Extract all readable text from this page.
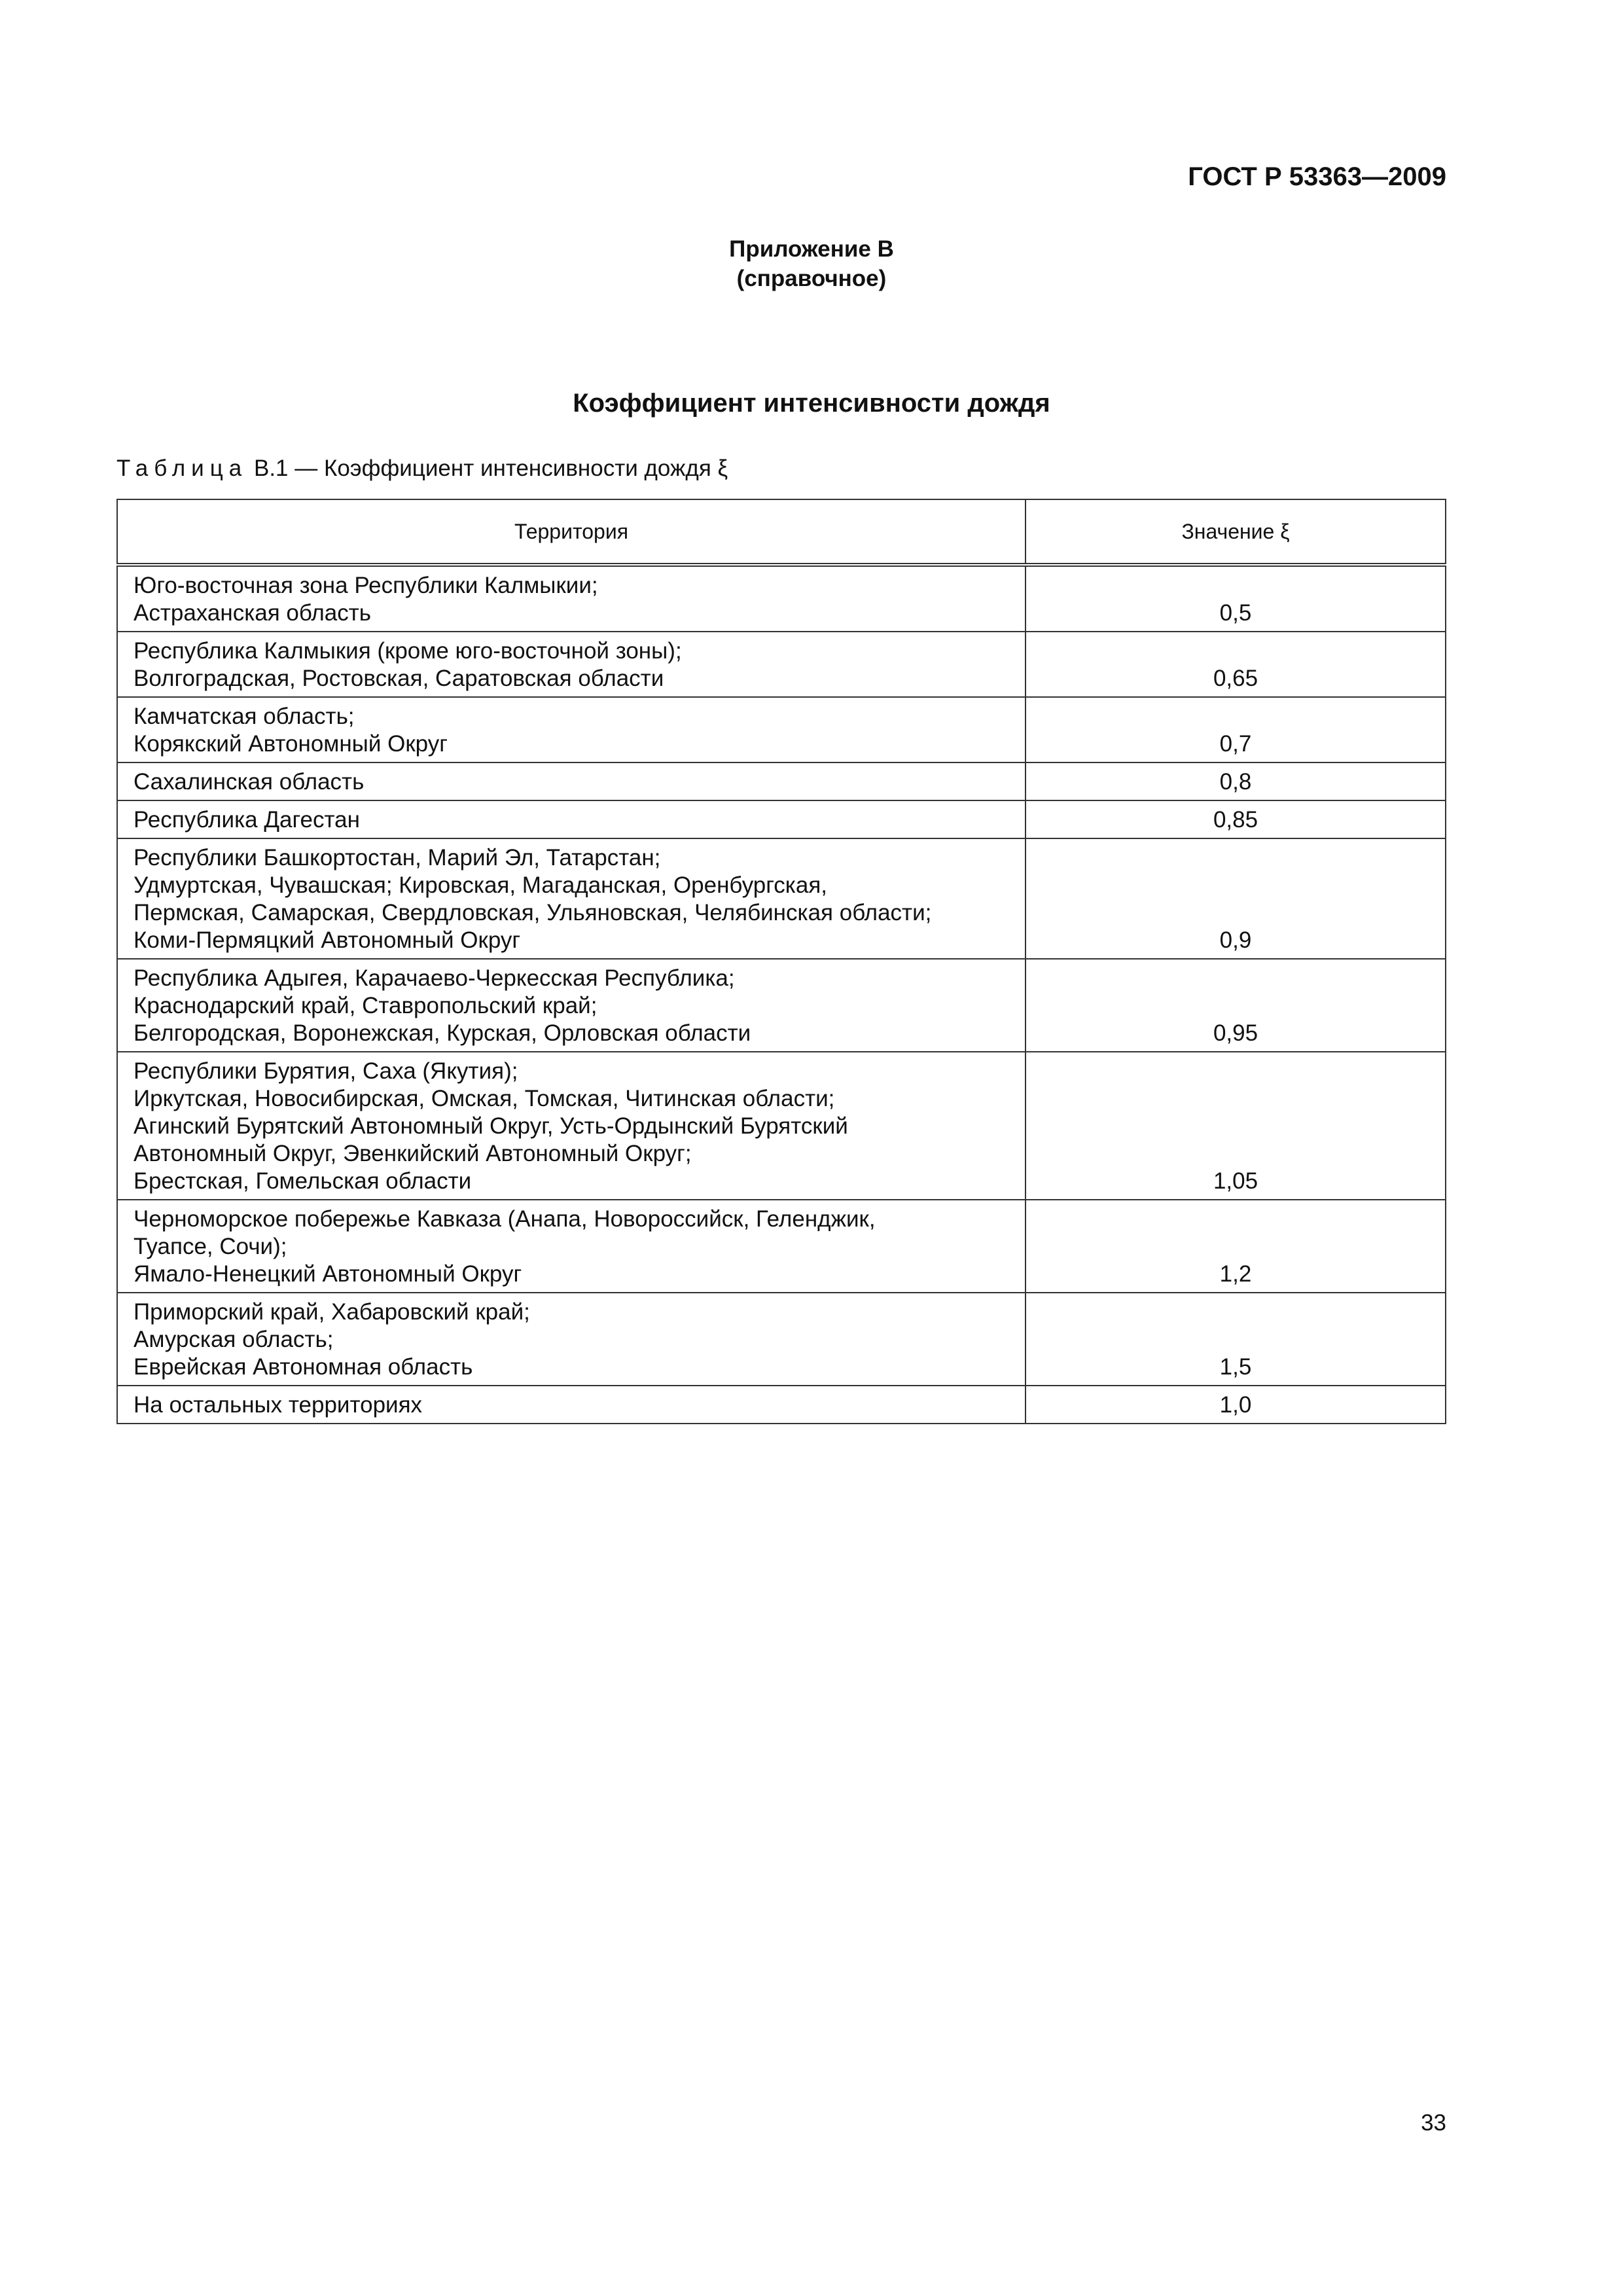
ГОСТ Р 53363—2009
Приложение В
(справочное)
Коэффициент интенсивности дождя
Таблица В.1 — Коэффициент интенсивности дождя ξ
Территория	Значение ξ

Юго-восточная зона Республики Калмыкии;
Астраханская область	0,5

Республика Калмыкия (кроме юго-восточной зоны);
Волгоградская, Ростовская, Саратовская области	0,65

Камчатская область;
Корякский Автономный Округ	0,7

Сахалинская область	0,8

Республика Дагестан	0,85

Республики Башкортостан, Марий Эл, Татарстан;
Удмуртская, Чувашская; Кировская, Магаданская, Оренбургская,
Пермская, Самарская, Свердловская, Ульяновская, Челябинская области;
Коми-Пермяцкий Автономный Округ	0,9

Республика Адыгея, Карачаево-Черкесская Республика;
Краснодарский край, Ставропольский край;
Белгородская, Воронежская, Курская, Орловская области	0,95

Республики Бурятия, Саха (Якутия);
Иркутская, Новосибирская, Омская, Томская, Читинская области;
Агинский Бурятский Автономный Округ, Усть-Ордынский Бурятский
Автономный Округ, Эвенкийский Автономный Округ;
Брестская, Гомельская области	1,05

Черноморское побережье Кавказа (Анапа, Новороссийск, Геленджик,
Туапсе, Сочи);
Ямало-Ненецкий Автономный Округ	1,2

Приморский край, Хабаровский край;
Амурская область;
Еврейская Автономная область	1,5

На остальных территориях	1,0
33
